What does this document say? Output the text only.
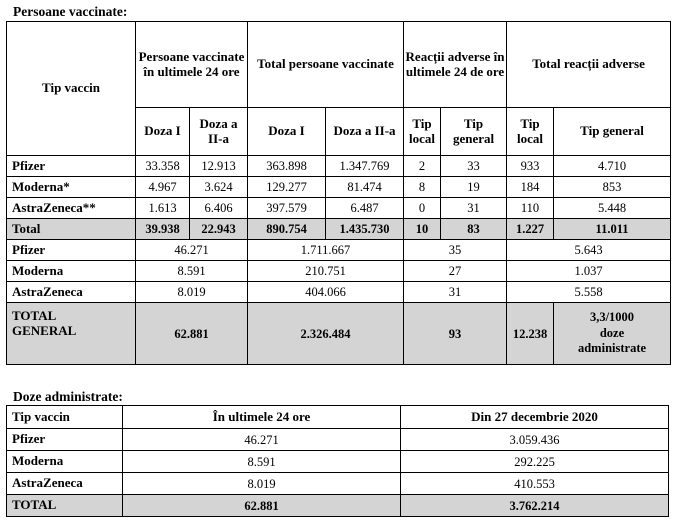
Persoane vaccinate:
Tip vaccin	Persoane vaccinate în ultimele 24 ore		Total persoane vaccinate		Reacții adverse în ultimele 24 de ore		Total reacții adverse	
	Doza I	Doza a II-a	Doza I	Doza a II-a	Tip local	Tip general	Tip local	Tip general
Pfizer	33.358	12.913	363.898	1.347.769	2	33	933	4.710
Moderna*	4.967	3.624	129.277	81.474	8	19	184	853
AstraZeneca**	1.613	6.406	397.579	6.487	0	31	110	5.448
Total	39.938	22.943	890.754	1.435.730	10	83	1.227	11.011
Pfizer	46.271		1.711.667		35		5.643	
Moderna	8.591		210.751		27		1.037	
AstraZeneca	8.019		404.066		31		5.558	
TOTAL
GENERAL	62.881		2.326.484		93		12.238	3,3/1000
doze
administrate
Doze administrate:
Tip vaccin	În ultimele 24 ore	Din 27 decembrie 2020
Pfizer	46.271	3.059.436
Moderna	8.591	292.225
AstraZeneca	8.019	410.553
TOTAL	62.881	3.762.214
